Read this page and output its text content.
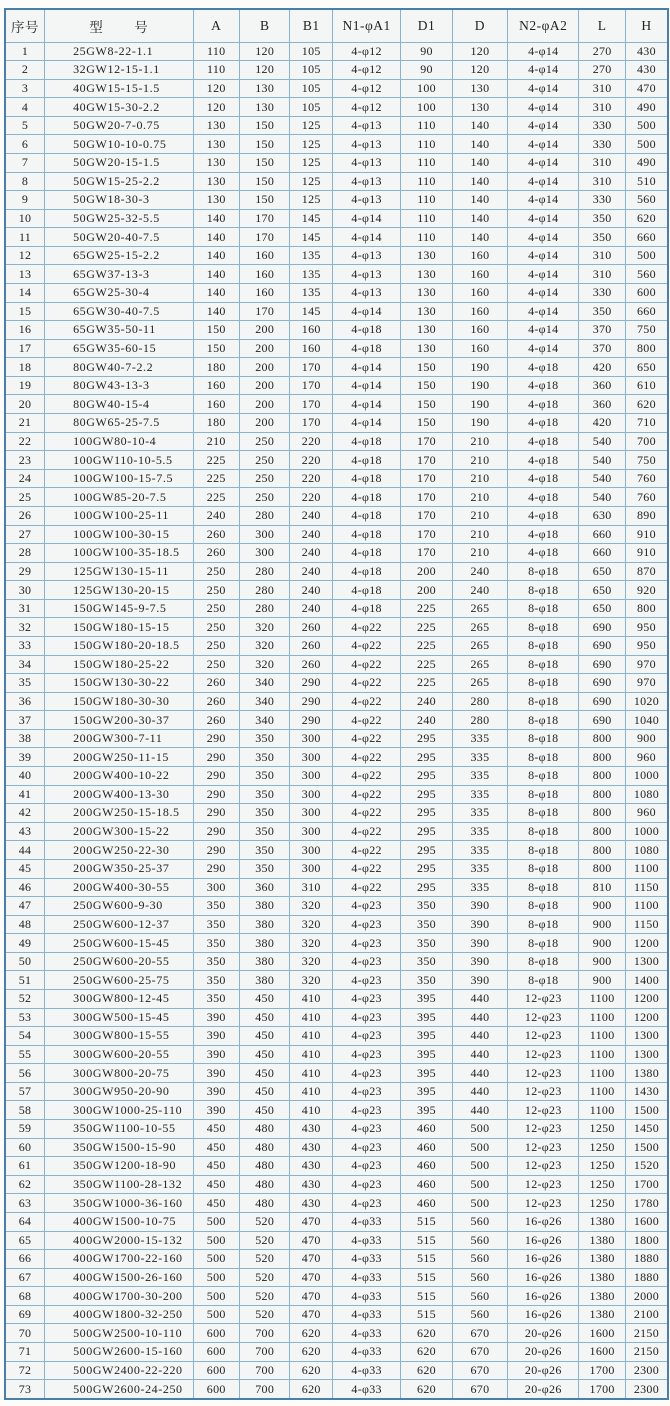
序号	型        号	A	B	B1	N1-φA1	D1	D	N2-φA2	L	H
1	25GW8-22-1.1	110	120	105	4-φ12	90	120	4-φ14	270	430
2	32GW12-15-1.1	110	120	105	4-φ12	90	120	4-φ14	270	430
3	40GW15-15-1.5	120	130	105	4-φ12	100	130	4-φ14	310	470
4	40GW15-30-2.2	120	130	105	4-φ12	100	130	4-φ14	310	490
5	50GW20-7-0.75	130	150	125	4-φ13	110	140	4-φ14	330	500
6	50GW10-10-0.75	130	150	125	4-φ13	110	140	4-φ14	330	500
7	50GW20-15-1.5	130	150	125	4-φ13	110	140	4-φ14	310	490
8	50GW15-25-2.2	130	150	125	4-φ13	110	140	4-φ14	310	510
9	50GW18-30-3	130	150	125	4-φ13	110	140	4-φ14	330	560
10	50GW25-32-5.5	140	170	145	4-φ14	110	140	4-φ14	350	620
11	50GW20-40-7.5	140	170	145	4-φ14	110	140	4-φ14	350	660
12	65GW25-15-2.2	140	160	135	4-φ13	130	160	4-φ14	310	500
13	65GW37-13-3	140	160	135	4-φ13	130	160	4-φ14	310	560
14	65GW25-30-4	140	160	135	4-φ13	130	160	4-φ14	330	600
15	65GW30-40-7.5	140	170	145	4-φ14	130	160	4-φ14	350	660
16	65GW35-50-11	150	200	160	4-φ18	130	160	4-φ14	370	750
17	65GW35-60-15	150	200	160	4-φ18	130	160	4-φ14	370	800
18	80GW40-7-2.2	180	200	170	4-φ14	150	190	4-φ18	420	650
19	80GW43-13-3	160	200	170	4-φ14	150	190	4-φ18	360	610
20	80GW40-15-4	160	200	170	4-φ14	150	190	4-φ18	360	620
21	80GW65-25-7.5	180	200	170	4-φ14	150	190	4-φ18	420	710
22	100GW80-10-4	210	250	220	4-φ18	170	210	4-φ18	540	700
23	100GW110-10-5.5	225	250	220	4-φ18	170	210	4-φ18	540	750
24	100GW100-15-7.5	225	250	220	4-φ18	170	210	4-φ18	540	760
25	100GW85-20-7.5	225	250	220	4-φ18	170	210	4-φ18	540	760
26	100GW100-25-11	240	280	240	4-φ18	170	210	4-φ18	630	890
27	100GW100-30-15	260	300	240	4-φ18	170	210	4-φ18	660	910
28	100GW100-35-18.5	260	300	240	4-φ18	170	210	4-φ18	660	910
29	125GW130-15-11	250	280	240	4-φ18	200	240	8-φ18	650	870
30	125GW130-20-15	250	280	240	4-φ18	200	240	8-φ18	650	920
31	150GW145-9-7.5	250	280	240	4-φ18	225	265	8-φ18	650	800
32	150GW180-15-15	250	320	260	4-φ22	225	265	8-φ18	690	950
33	150GW180-20-18.5	250	320	260	4-φ22	225	265	8-φ18	690	950
34	150GW180-25-22	250	320	260	4-φ22	225	265	8-φ18	690	970
35	150GW130-30-22	260	340	290	4-φ22	225	265	8-φ18	690	970
36	150GW180-30-30	260	340	290	4-φ22	240	280	8-φ18	690	1020
37	150GW200-30-37	260	340	290	4-φ22	240	280	8-φ18	690	1040
38	200GW300-7-11	290	350	300	4-φ22	295	335	8-φ18	800	900
39	200GW250-11-15	290	350	300	4-φ22	295	335	8-φ18	800	960
40	200GW400-10-22	290	350	300	4-φ22	295	335	8-φ18	800	1000
41	200GW400-13-30	290	350	300	4-φ22	295	335	8-φ18	800	1080
42	200GW250-15-18.5	290	350	300	4-φ22	295	335	8-φ18	800	960
43	200GW300-15-22	290	350	300	4-φ22	295	335	8-φ18	800	1000
44	200GW250-22-30	290	350	300	4-φ22	295	335	8-φ18	800	1080
45	200GW350-25-37	290	350	300	4-φ22	295	335	8-φ18	800	1100
46	200GW400-30-55	300	360	310	4-φ22	295	335	8-φ18	810	1150
47	250GW600-9-30	350	380	320	4-φ23	350	390	8-φ18	900	1100
48	250GW600-12-37	350	380	320	4-φ23	350	390	8-φ18	900	1150
49	250GW600-15-45	350	380	320	4-φ23	350	390	8-φ18	900	1200
50	250GW600-20-55	350	380	320	4-φ23	350	390	8-φ18	900	1300
51	250GW600-25-75	350	380	320	4-φ23	350	390	8-φ18	900	1400
52	300GW800-12-45	350	450	410	4-φ23	395	440	12-φ23	1100	1200
53	300GW500-15-45	390	450	410	4-φ23	395	440	12-φ23	1100	1200
54	300GW800-15-55	390	450	410	4-φ23	395	440	12-φ23	1100	1300
55	300GW600-20-55	390	450	410	4-φ23	395	440	12-φ23	1100	1300
56	300GW800-20-75	390	450	410	4-φ23	395	440	12-φ23	1100	1380
57	300GW950-20-90	390	450	410	4-φ23	395	440	12-φ23	1100	1430
58	300GW1000-25-110	390	450	410	4-φ23	395	440	12-φ23	1100	1500
59	350GW1100-10-55	450	480	430	4-φ23	460	500	12-φ23	1250	1450
60	350GW1500-15-90	450	480	430	4-φ23	460	500	12-φ23	1250	1500
61	350GW1200-18-90	450	480	430	4-φ23	460	500	12-φ23	1250	1520
62	350GW1100-28-132	450	480	430	4-φ23	460	500	12-φ23	1250	1700
63	350GW1000-36-160	450	480	430	4-φ23	460	500	12-φ23	1250	1780
64	400GW1500-10-75	500	520	470	4-φ33	515	560	16-φ26	1380	1600
65	400GW2000-15-132	500	520	470	4-φ33	515	560	16-φ26	1380	1800
66	400GW1700-22-160	500	520	470	4-φ33	515	560	16-φ26	1380	1880
67	400GW1500-26-160	500	520	470	4-φ33	515	560	16-φ26	1380	1880
68	400GW1700-30-200	500	520	470	4-φ33	515	560	16-φ26	1380	2000
69	400GW1800-32-250	500	520	470	4-φ33	515	560	16-φ26	1380	2100
70	500GW2500-10-110	600	700	620	4-φ33	620	670	20-φ26	1600	2150
71	500GW2600-15-160	600	700	620	4-φ33	620	670	20-φ26	1600	2150
72	500GW2400-22-220	600	700	620	4-φ33	620	670	20-φ26	1700	2300
73	500GW2600-24-250	600	700	620	4-φ33	620	670	20-φ26	1700	2300
